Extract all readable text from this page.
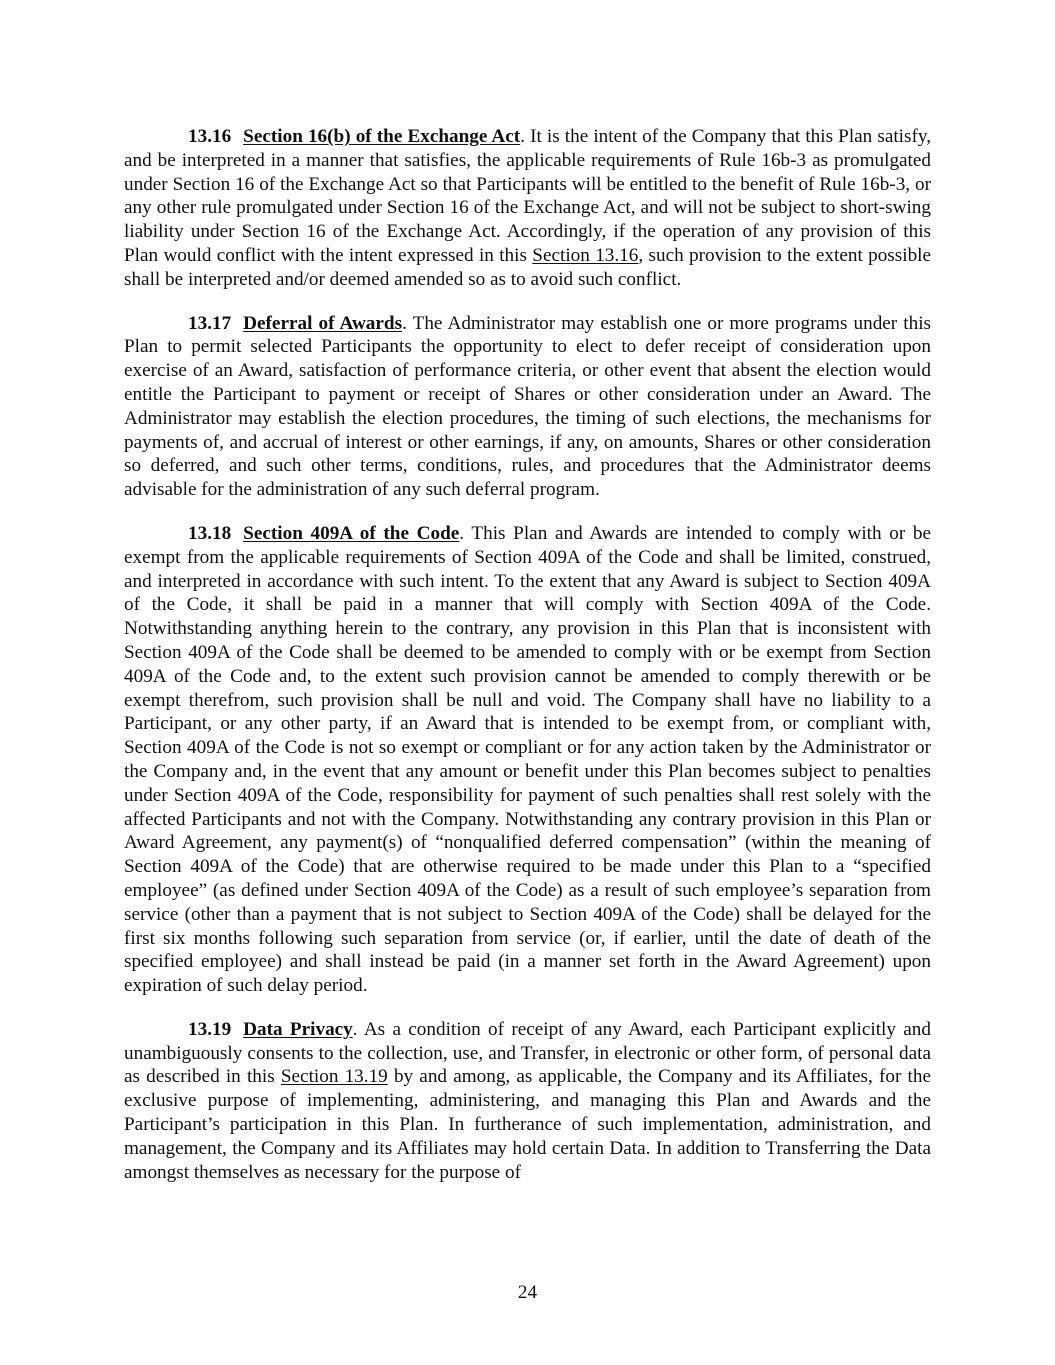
13.16 Section 16(b) of the Exchange Act. It is the intent of the Company that this Plan satisfy, and be interpreted in a manner that satisfies, the applicable requirements of Rule 16b-3 as promulgated under Section 16 of the Exchange Act so that Participants will be entitled to the benefit of Rule 16b-3, or any other rule promulgated under Section 16 of the Exchange Act, and will not be subject to short-swing liability under Section 16 of the Exchange Act. Accordingly, if the operation of any provision of this Plan would conflict with the intent expressed in this Section 13.16, such provision to the extent possible shall be interpreted and/or deemed amended so as to avoid such conflict.

13.17 Deferral of Awards. The Administrator may establish one or more programs under this Plan to permit selected Participants the opportunity to elect to defer receipt of consideration upon exercise of an Award, satisfaction of performance criteria, or other event that absent the election would entitle the Participant to payment or receipt of Shares or other consideration under an Award. The Administrator may establish the election procedures, the timing of such elections, the mechanisms for payments of, and accrual of interest or other earnings, if any, on amounts, Shares or other consideration so deferred, and such other terms, conditions, rules, and procedures that the Administrator deems advisable for the administration of any such deferral program.

13.18 Section 409A of the Code. This Plan and Awards are intended to comply with or be exempt from the applicable requirements of Section 409A of the Code and shall be limited, construed, and interpreted in accordance with such intent. To the extent that any Award is subject to Section 409A of the Code, it shall be paid in a manner that will comply with Section 409A of the Code. Notwithstanding anything herein to the contrary, any provision in this Plan that is inconsistent with Section 409A of the Code shall be deemed to be amended to comply with or be exempt from Section 409A of the Code and, to the extent such provision cannot be amended to comply therewith or be exempt therefrom, such provision shall be null and void. The Company shall have no liability to a Participant, or any other party, if an Award that is intended to be exempt from, or compliant with, Section 409A of the Code is not so exempt or compliant or for any action taken by the Administrator or the Company and, in the event that any amount or benefit under this Plan becomes subject to penalties under Section 409A of the Code, responsibility for payment of such penalties shall rest solely with the affected Participants and not with the Company. Notwithstanding any contrary provision in this Plan or Award Agreement, any payment(s) of “nonqualified deferred compensation” (within the meaning of Section 409A of the Code) that are otherwise required to be made under this Plan to a “specified employee” (as defined under Section 409A of the Code) as a result of such employee’s separation from service (other than a payment that is not subject to Section 409A of the Code) shall be delayed for the first six months following such separation from service (or, if earlier, until the date of death of the specified employee) and shall instead be paid (in a manner set forth in the Award Agreement) upon expiration of such delay period.

13.19 Data Privacy. As a condition of receipt of any Award, each Participant explicitly and unambiguously consents to the collection, use, and Transfer, in electronic or other form, of personal data as described in this Section 13.19 by and among, as applicable, the Company and its Affiliates, for the exclusive purpose of implementing, administering, and managing this Plan and Awards and the Participant’s participation in this Plan. In furtherance of such implementation, administration, and management, the Company and its Affiliates may hold certain Data. In addition to Transferring the Data amongst themselves as necessary for the purpose of

24
